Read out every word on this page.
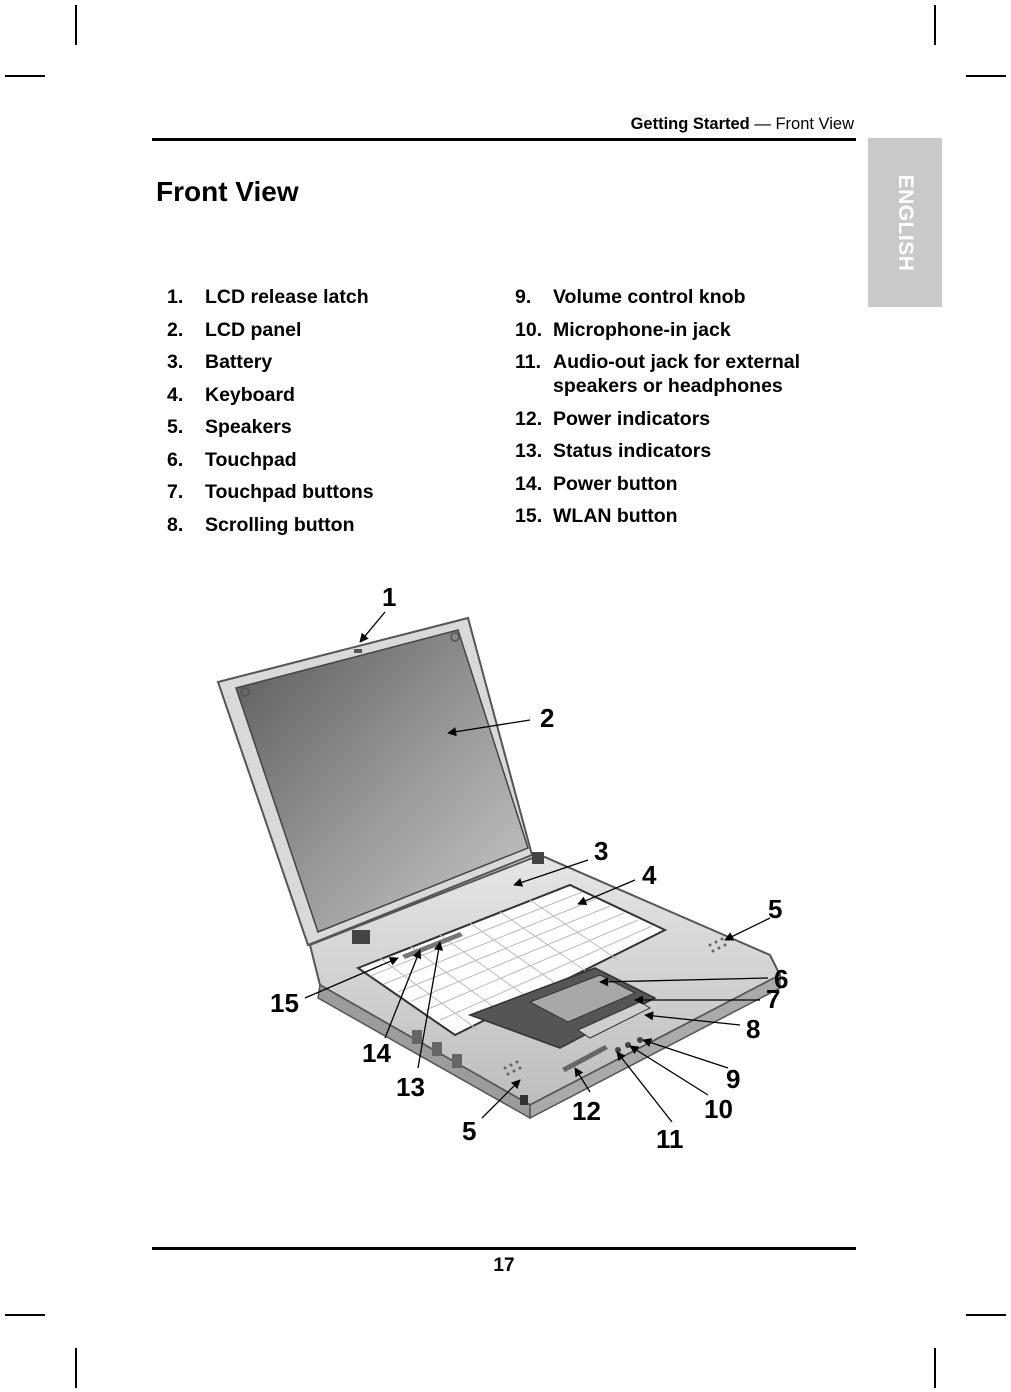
Getting Started — Front View
ENGLISH
Front View
1. LCD release latch
2. LCD panel
3. Battery
4. Keyboard
5. Speakers
6. Touchpad
7. Touchpad buttons
8. Scrolling button
9. Volume control knob
10. Microphone-in jack
11. Audio-out jack for external speakers or headphones
12. Power indicators
13. Status indicators
14. Power button
15. WLAN button
1
2
3
4
5
6
7
8
9
10
11
12
13
14
15
5
17
